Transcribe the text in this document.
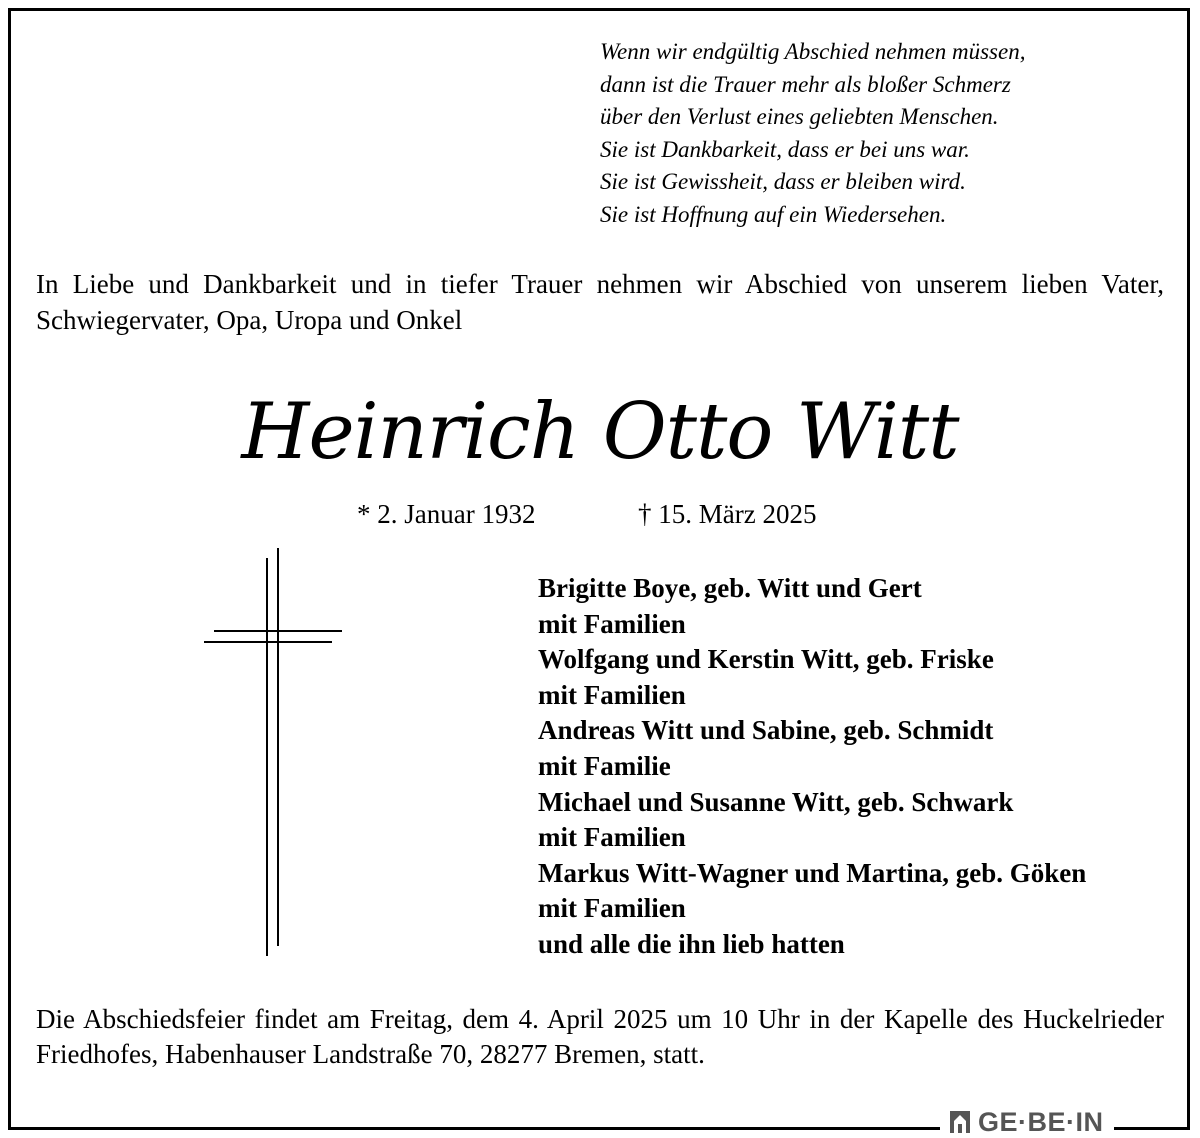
Wenn wir endgültig Abschied nehmen müssen,
dann ist die Trauer mehr als bloßer Schmerz
über den Verlust eines geliebten Menschen.
Sie ist Dankbarkeit, dass er bei uns war.
Sie ist Gewissheit, dass er bleiben wird.
Sie ist Hoffnung auf ein Wiedersehen.
In Liebe und Dankbarkeit und in tiefer Trauer nehmen wir Abschied von unserem lieben Vater, Schwiegervater, Opa, Uropa und Onkel
Heinrich Otto Witt
* 2. Januar 1932	† 15. März 2025
Brigitte Boye, geb. Witt und Gert
mit Familien
Wolfgang und Kerstin Witt, geb. Friske
mit Familien
Andreas Witt und Sabine, geb. Schmidt
mit Familie
Michael und Susanne Witt, geb. Schwark
mit Familien
Markus Witt-Wagner und Martina, geb. Göken
mit Familien
und alle die ihn lieb hatten
Die Abschiedsfeier findet am Freitag, dem 4. April 2025 um 10 Uhr in der Kapelle des Huckelrieder Friedhofes, Habenhauser Landstraße 70, 28277 Bremen, statt.
GE·BE·IN
